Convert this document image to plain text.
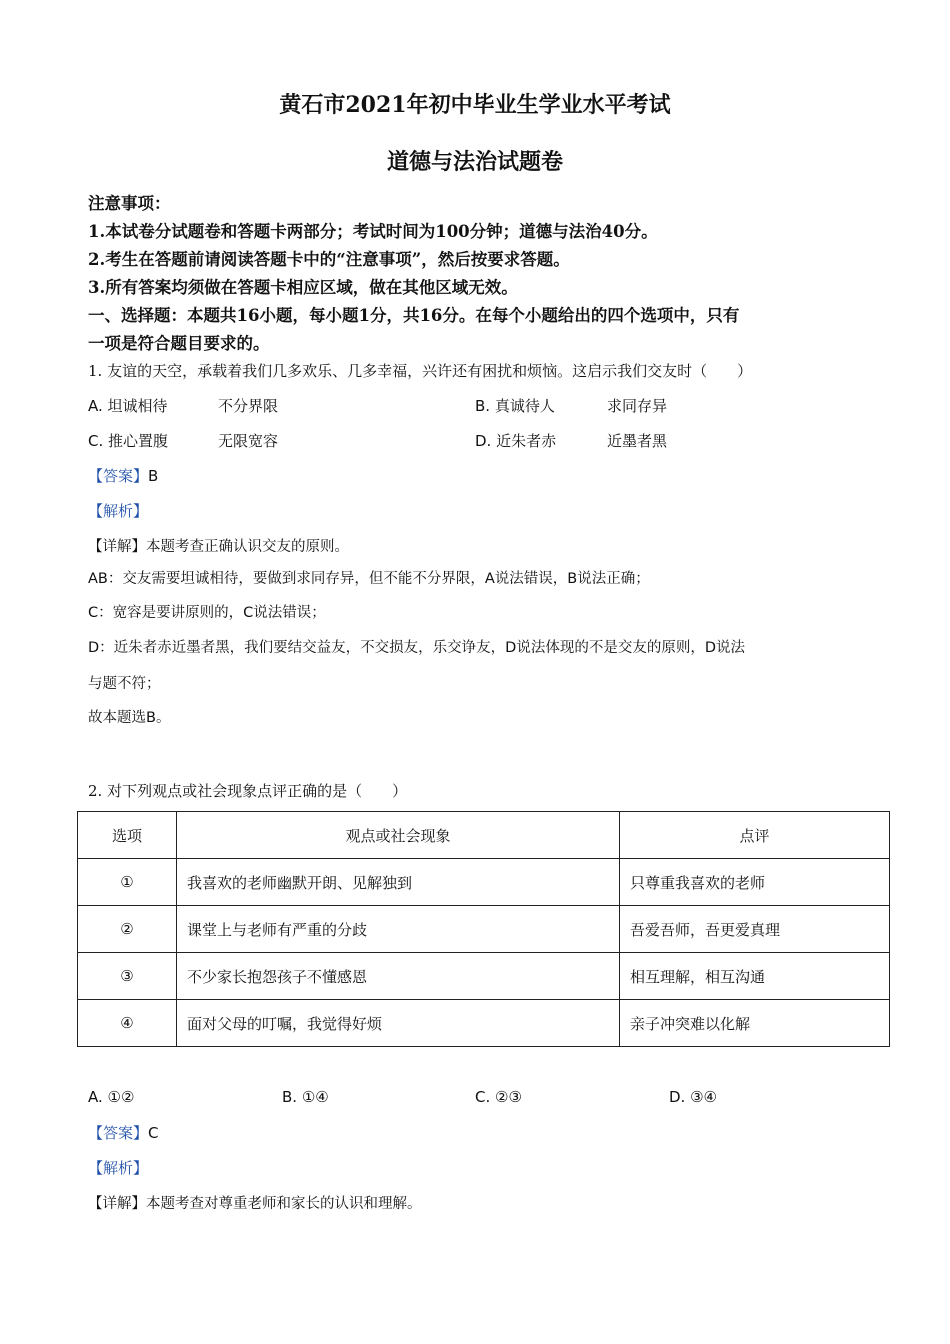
黄石市2021年初中毕业生学业水平考试
道德与法治试题卷
注意事项：
1.本试卷分试题卷和答题卡两部分；考试时间为100分钟；道德与法治40分。
2.考生在答题前请阅读答题卡中的“注意事项”，然后按要求答题。
3.所有答案均须做在答题卡相应区域，做在其他区域无效。
一、选择题：本题共16小题，每小题1分，共16分。在每个小题给出的四个选项中，只有
一项是符合题目要求的。
1. 友谊的天空，承载着我们几多欢乐、几多幸福，兴许还有困扰和烦恼。这启示我们交友时（　　）
A. 坦诚相待	不分界限	B. 真诚待人	求同存异
C. 推心置腹	无限宽容	D. 近朱者赤	近墨者黑
【答案】B
【解析】
【详解】本题考查正确认识交友的原则。
AB：交友需要坦诚相待，要做到求同存异，但不能不分界限，A说法错误，B说法正确；
C：宽容是要讲原则的，C说法错误；
D：近朱者赤近墨者黑，我们要结交益友，不交损友，乐交诤友，D说法体现的不是交友的原则，D说法
与题不符；
故本题选B。
2. 对下列观点或社会现象点评正确的是（　　）
选项	观点或社会现象	点评
①	我喜欢的老师幽默开朗、见解独到	只尊重我喜欢的老师
②	课堂上与老师有严重的分歧	吾爱吾师，吾更爱真理
③	不少家长抱怨孩子不懂感恩	相互理解，相互沟通
④	面对父母的叮嘱，我觉得好烦	亲子冲突难以化解
A. ①②	B. ①④	C. ②③	D. ③④
【答案】C
【解析】
【详解】本题考查对尊重老师和家长的认识和理解。
